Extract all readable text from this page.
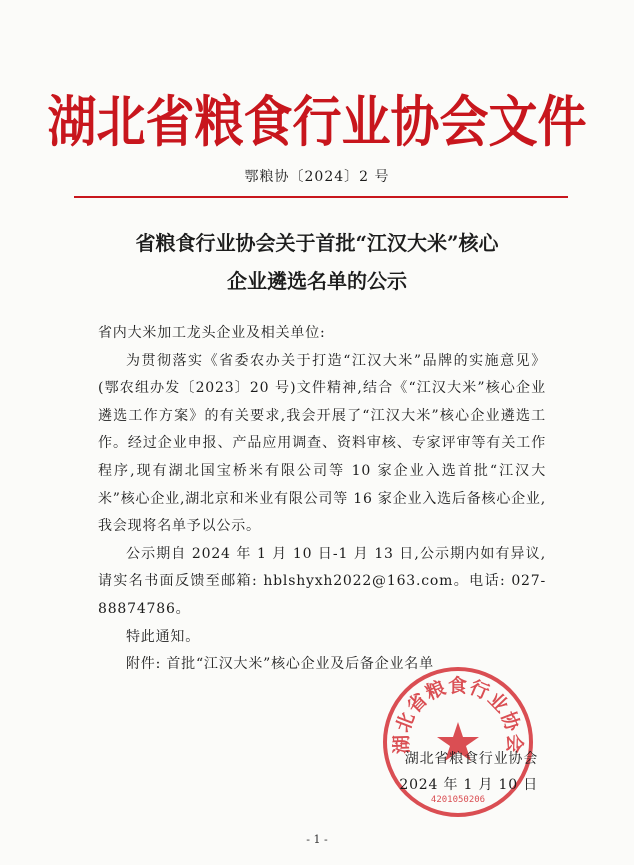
湖北省粮食行业协会文件
鄂粮协〔2024〕2 号
省粮食行业协会关于首批“江汉大米”核心
企业遴选名单的公示

省内大米加工龙头企业及相关单位:

为贯彻落实《省委农办关于打造“江汉大米”品牌的实施意见》(鄂农组办发〔2023〕20 号)文件精神,结合《“江汉大米”核心企业遴选工作方案》的有关要求,我会开展了“江汉大米”核心企业遴选工作。经过企业申报、产品应用调查、资料审核、专家评审等有关工作程序,现有湖北国宝桥米有限公司等 10 家企业入选首批“江汉大米”核心企业,湖北京和米业有限公司等 16 家企业入选后备核心企业,我会现将名单予以公示。

公示期自 2024 年 1 月 10 日-1 月 13 日,公示期内如有异议,请实名书面反馈至邮箱: hblshyxh2022@163.com。电话: 027-88874786。

特此通知。

附件: 首批“江汉大米”核心企业及后备企业名单

湖北省粮食行业协会
4201050206
湖北省粮食行业协会
2024 年 1 月 10 日
- 1 -
